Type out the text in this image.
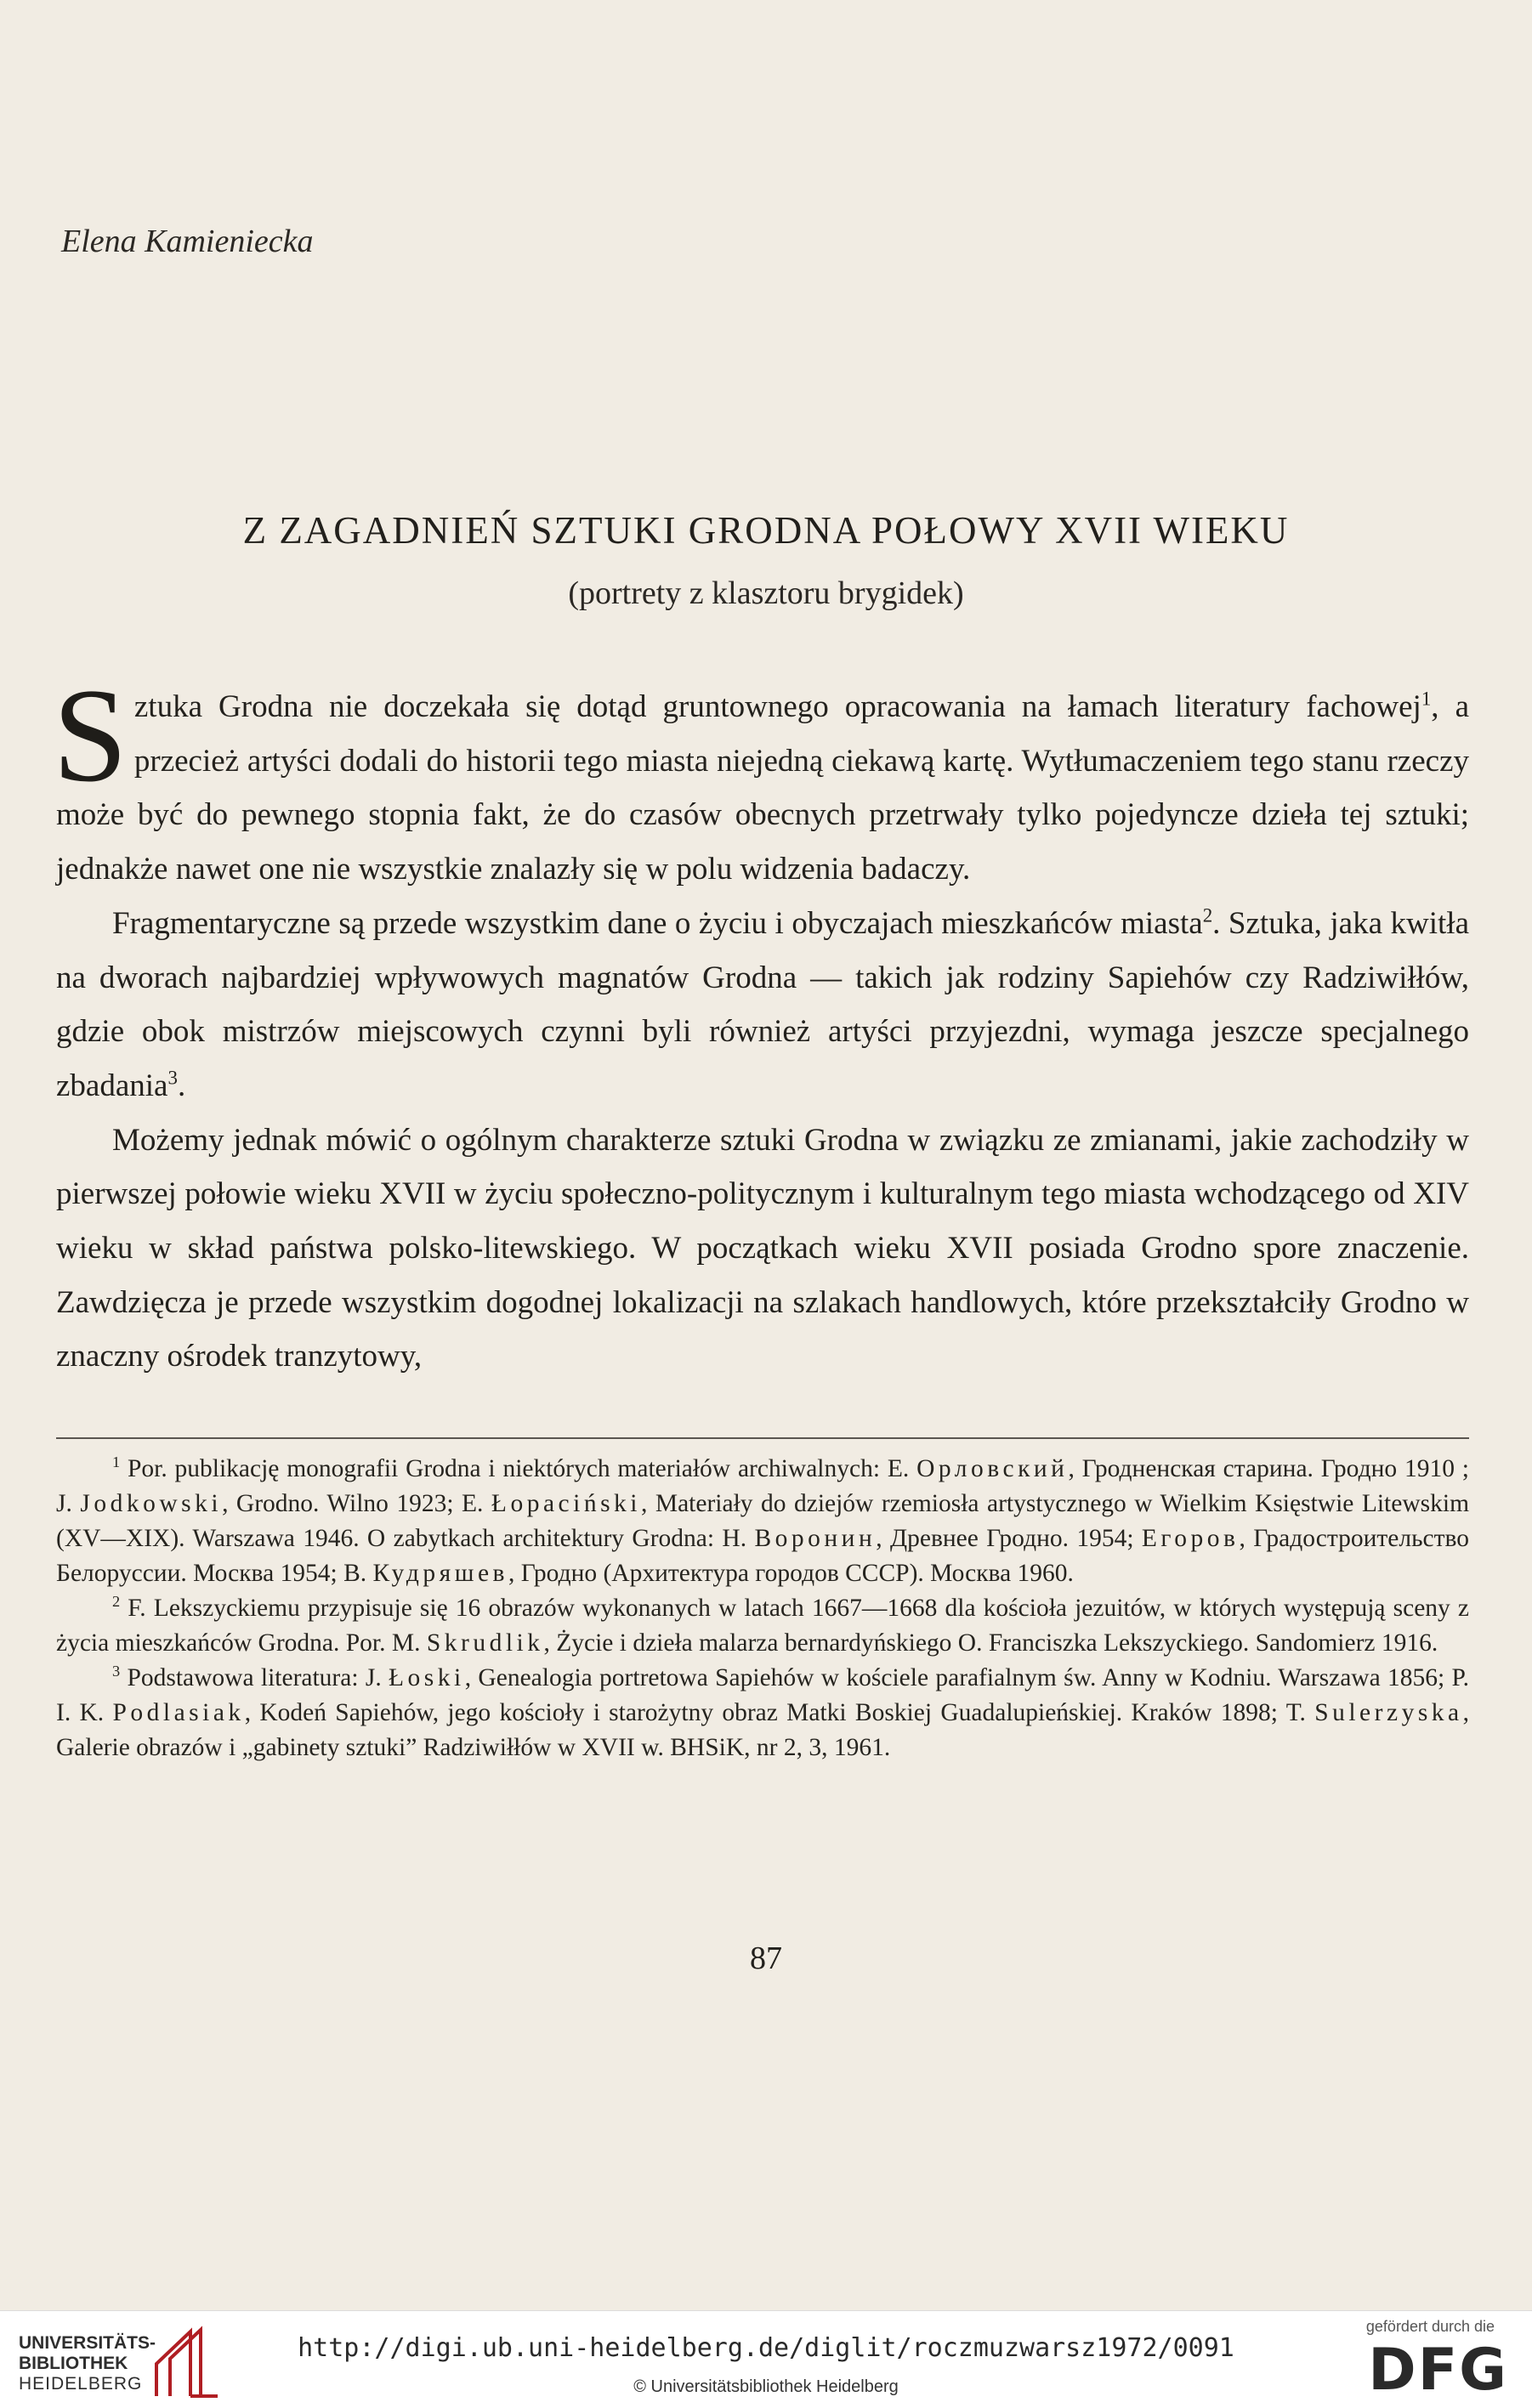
Elena Kamieniecka
Z ZAGADNIEŃ SZTUKI GRODNA POŁOWY XVII WIEKU
(portrety z klasztoru brygidek)

Sztuka Grodna nie doczekała się dotąd gruntownego opracowania na łamach literatury fachowej$^1$, a przecież artyści dodali do historii tego miasta niejedną ciekawą kartę. Wytłumaczeniem tego stanu rzeczy może być do pewnego stopnia fakt, że do czasów obecnych przetrwały tylko pojedyncze dzieła tej sztuki; jednakże nawet one nie wszystkie znalazły się w polu widzenia badaczy.

Fragmentaryczne są przede wszystkim dane o życiu i obyczajach mieszkańców miasta$^2$. Sztuka, jaka kwitła na dworach najbardziej wpływowych magnatów Grodna — takich jak rodziny Sapiehów czy Radziwiłłów, gdzie obok mistrzów miejscowych czynni byli również artyści przyjezdni, wymaga jeszcze specjalnego zbadania$^3$.

Możemy jednak mówić o ogólnym charakterze sztuki Grodna w związku ze zmianami, jakie zachodziły w pierwszej połowie wieku XVII w życiu społeczno-politycznym i kulturalnym tego miasta wchodzącego od XIV wieku w skład państwa polsko-litewskiego. W początkach wieku XVII posiada Grodno spore znaczenie. Zawdzięcza je przede wszystkim dogodnej lokalizacji na szlakach handlowych, które przekształciły Grodno w znaczny ośrodek tranzytowy,

$^1$ Por. publikację monografii Grodna i niektórych materiałów archiwalnych: Е. Орловский, Гродненская старина. Гродно 1910 ; J. Jodkowski, Grodno. Wilno 1923; E. Łopaciński, Materiały do dziejów rzemiosła artystycznego w Wielkim Księstwie Litewskim (XV—XIX). Warszawa 1946. O zabytkach architektury Grodna: Н. Воронин, Древнее Гродно. 1954; Егоров, Градостроительство Белоруссии. Москва 1954; В. Кудряшев, Гродно (Архитектура городов СССР). Москва 1960.

$^2$ F. Lekszyckiemu przypisuje się 16 obrazów wykonanych w latach 1667—1668 dla kościoła jezuitów, w których występują sceny z życia mieszkańców Grodna. Por. M. Skrudlik, Życie i dzieła malarza bernardyńskiego O. Franciszka Lekszyckiego. Sandomierz 1916.

$^3$ Podstawowa literatura: J. Łoski, Genealogia portretowa Sapiehów w kościele parafialnym św. Anny w Kodniu. Warszawa 1856; P. I. K. Podlasiak, Kodeń Sapiehów, jego kościoły i starożytny obraz Matki Boskiej Guadalupieńskiej. Kraków 1898; T. Sulerzyska, Galerie obrazów i „gabinety sztuki” Radziwiłłów w XVII w. BHSiK, nr 2, 3, 1961.

87
UNIVERSITÄTS-
BIBLIOTHEK
HEIDELBERG
http://digi.ub.uni-heidelberg.de/diglit/roczmuzwarsz1972/0091
© Universitätsbibliothek Heidelberg
gefördert durch die
DFG
